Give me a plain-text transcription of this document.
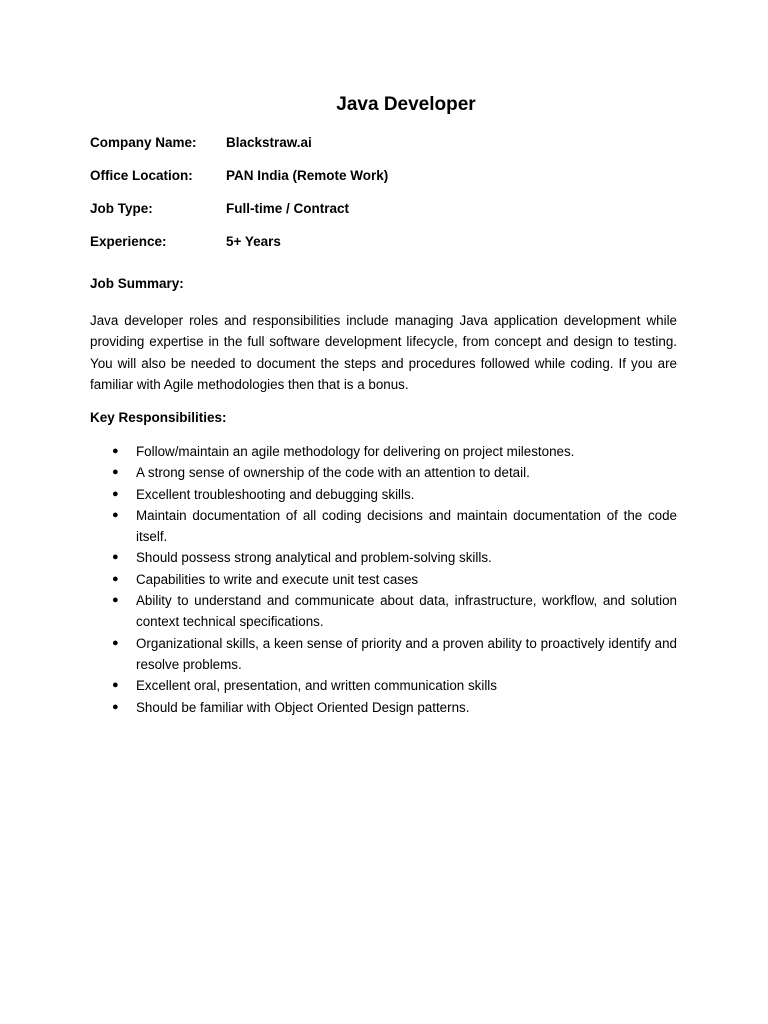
Java Developer
Company Name: Blackstraw.ai
Office Location: PAN India (Remote Work)
Job Type:	Full-time / Contract
Experience:	5+ Years
Job Summary:

Java developer roles and responsibilities include managing Java application development while providing expertise in the full software development lifecycle, from concept and design to testing. You will also be needed to document the steps and procedures followed while coding. If you are familiar with Agile methodologies then that is a bonus.

Key Responsibilities:
● Follow/maintain an agile methodology for delivering on project milestones.
● A strong sense of ownership of the code with an attention to detail.
● Excellent troubleshooting and debugging skills.
● Maintain documentation of all coding decisions and maintain documentation of the code itself.
● Should possess strong analytical and problem-solving skills.
● Capabilities to write and execute unit test cases
● Ability to understand and communicate about data, infrastructure, workflow, and solution context technical specifications.
● Organizational skills, a keen sense of priority and a proven ability to proactively identify and resolve problems.
● Excellent oral, presentation, and written communication skills
● Should be familiar with Object Oriented Design patterns.
